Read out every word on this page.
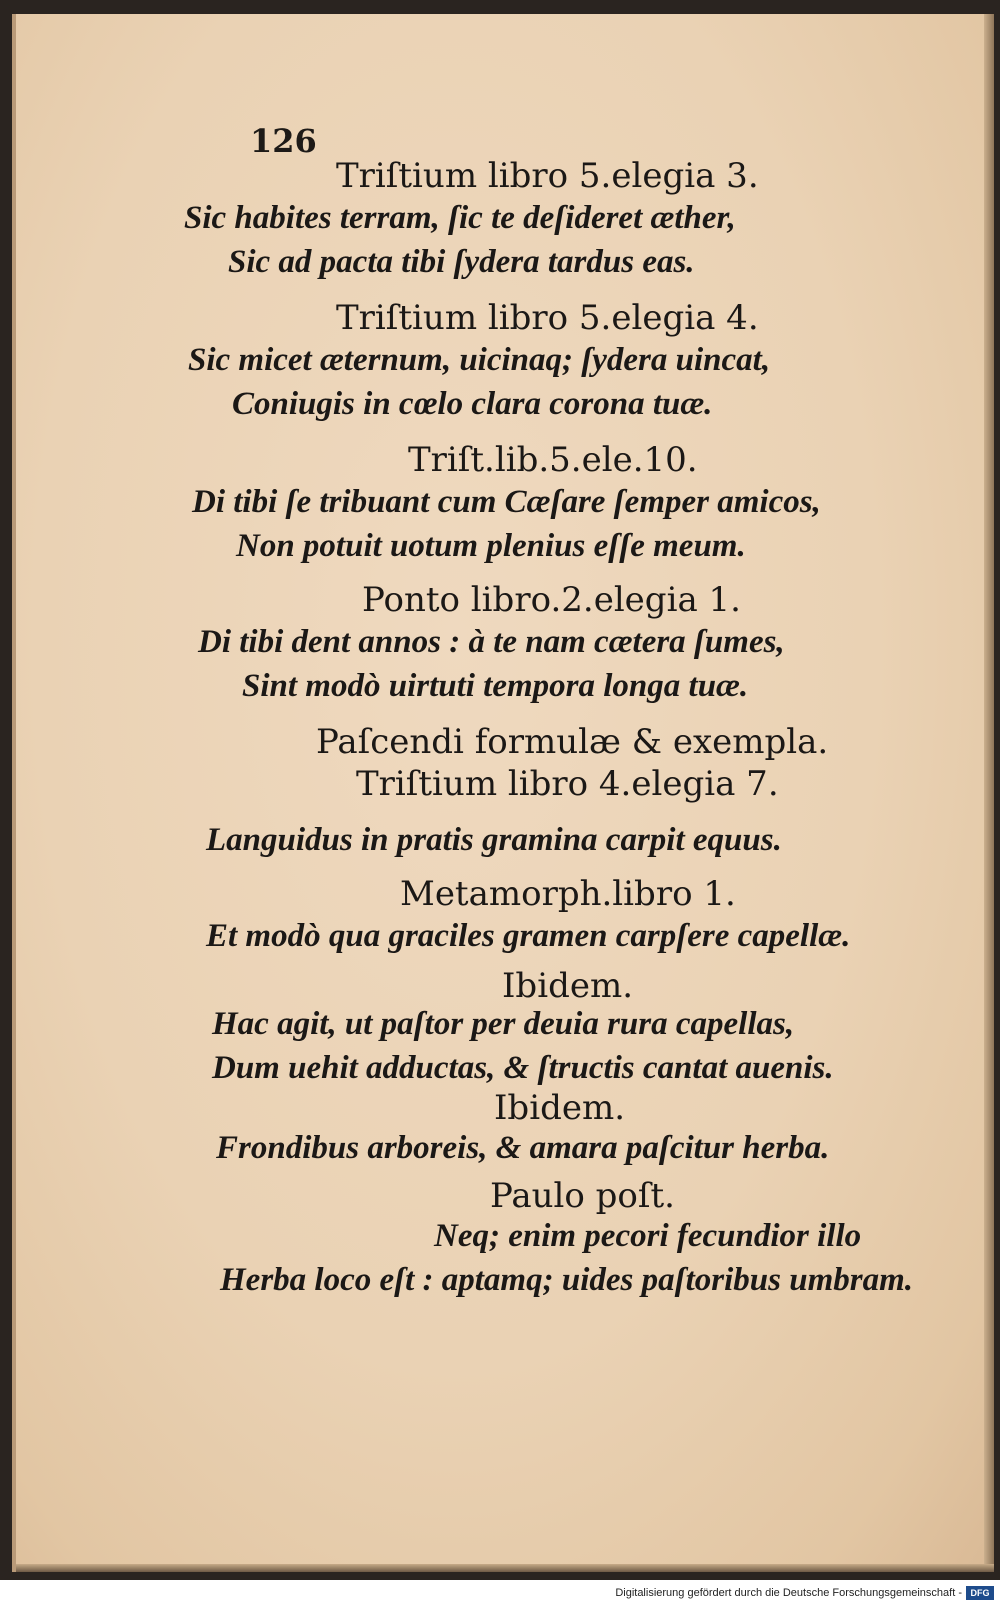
126
Triſtium libro 5.elegia 3.
Sic habites terram, ſic te deſideret æther,
Sic ad pacta tibi ſydera tardus eas.
Triſtium libro 5.elegia 4.
Sic micet æternum, uicinaq; ſydera uincat,
Coniugis in cœlo clara corona tuæ.
Triſt.lib.5.ele.10.
Di tibi ſe tribuant cum Cæſare ſemper amicos,
Non potuit uotum plenius eſſe meum.
Ponto libro.2.elegia 1.
Di tibi dent annos : à te nam cætera ſumes,
Sint modò uirtuti tempora longa tuæ.
Paſcendi formulæ & exempla.
Triſtium libro 4.elegia 7.
Languidus in pratis gramina carpit equus.
Metamorph.libro 1.
Et modò qua graciles gramen carpſere capellæ.
Ibidem.
Hac agit, ut paſtor per deuia rura capellas,
Dum uehit adductas, & ſtructis cantat auenis.
Ibidem.
Frondibus arboreis, & amara paſcitur herba.
Paulo poſt.
Neq; enim pecori fecundior illo
Herba loco eſt : aptamq; uides paſtoribus umbram.
Digitalisierung gefördert durch die Deutsche Forschungsgemeinschaft - DFG
